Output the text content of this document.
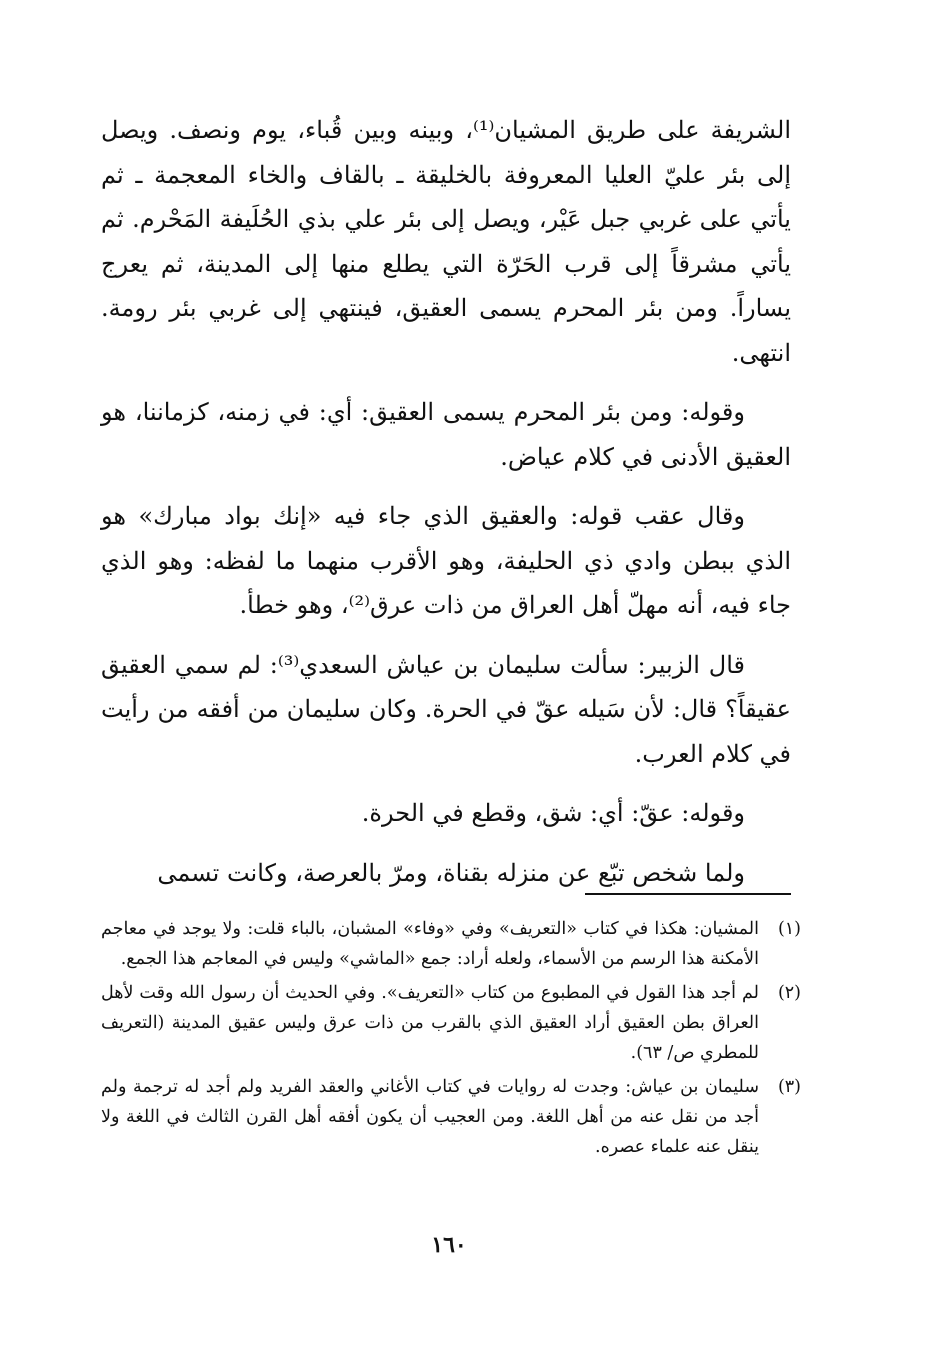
الشريفة على طريق المشيان⁽¹⁾، وبينه وبين قُباء، يوم ونصف. ويصل إلى بئر عليّ العليا المعروفة بالخليقة ـ بالقاف والخاء المعجمة ـ ثم يأتي على غربي جبل عَيْر، ويصل إلى بئر علي بذي الحُلَيفة المَحْرم. ثم يأتي مشرقاً إلى قرب الحَرّة التي يطلع منها إلى المدينة، ثم يعرج يساراً. ومن بئر المحرم يسمى العقيق، فينتهي إلى غربي بئر رومة. انتهى.

وقوله: ومن بئر المحرم يسمى العقيق: أي: في زمنه، كزماننا، هو العقيق الأدنى في كلام عياض.

وقال عقب قوله: والعقيق الذي جاء فيه «إنك بواد مبارك» هو الذي ببطن وادي ذي الحليفة، وهو الأقرب منهما ما لفظه: وهو الذي جاء فيه، أنه مهلّ أهل العراق من ذات عرق⁽²⁾، وهو خطأ.

قال الزبير: سألت سليمان بن عياش السعدي⁽³⁾: لم سمي العقيق عقيقاً؟ قال: لأن سَيله عقّ في الحرة. وكان سليمان من أفقه من رأيت في كلام العرب.

وقوله: عقّ: أي: شق، وقطع في الحرة.

ولما شخص تبّع عن منزله بقناة، ومرّ بالعرصة، وكانت تسمى

(١)
المشيان: هكذا في كتاب «التعريف» وفي «وفاء» المشبان، بالباء قلت: ولا يوجد في معاجم الأمكنة هذا الرسم من الأسماء، ولعله أراد: جمع «الماشي» وليس في المعاجم هذا الجمع.
(٢)
لم أجد هذا القول في المطبوع من كتاب «التعريف». وفي الحديث أن رسول الله وقت لأهل العراق بطن العقيق أراد العقيق الذي بالقرب من ذات عرق وليس عقيق المدينة (التعريف للمطري ص/ ٦٣).
(٣)
سليمان بن عياش: وجدت له روايات في كتاب الأغاني والعقد الفريد ولم أجد له ترجمة ولم أجد من نقل عنه من أهل اللغة. ومن العجيب أن يكون أفقه أهل القرن الثالث في اللغة ولا ينقل عنه علماء عصره.
١٦٠
